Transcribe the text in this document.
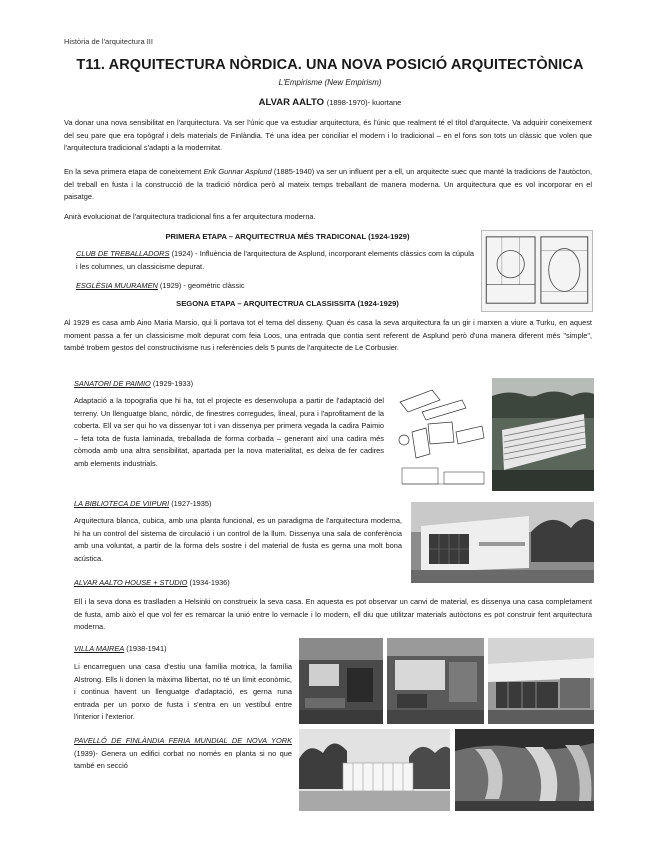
Història de l'arquitectura III
T11. ARQUITECTURA NÒRDICA. UNA NOVA POSICIÓ ARQUITECTÒNICA
L'Empirisme (New Empirism)
ALVAR AALTO (1898-1970)- kuortane
Va donar una nova sensibilitat en l'arquitectura. Va ser l'únic que va estudiar arquitectura, és l'únic que realment té el títol d'arquitecte. Va adquirir coneixement del seu pare que era topògraf i dels materials de Finlàndia. Té una idea per conciliar el modern i lo tradicional – en el fons son tots un clàssic que volen que l'arquitectura tradicional s'adapti a la modernitat.
En la seva primera etapa de coneixement Erik Gunnar Asplund (1885-1940) va ser un influent per a ell, un arquitecte suec que manté la tradicions de l'autòcton, del treball en fusta i la construcció de la tradició nòrdica però al mateix temps treballant de manera moderna. Un arquitectura que es vol incorporar en el paisatge.
Anirà evolucionat de l'arquitectura tradicional fins a fer arquitectura moderna.
PRIMERA ETAPA – ARQUITECTRUA MÉS TRADICONAL (1924-1929)
CLUB DE TREBALLADORS (1924) - Influència de l'arquitectura de Asplund, incorporant elements clàssics com la cúpula i les columnes, un classicisme depurat.
ESGLÈSIA MUURAMEN (1929) - geomètric clàssic
SEGONA ETAPA – ARQUITECTRUA CLASSISSITA (1924-1929)
Al 1929 es casa amb Aino Maria Marsio, qui li portava tot el tema del disseny. Quan és casa la seva arquitectura fa un gir i marxen a viure a Turku, en aquest moment passa a fer un classicisme molt depurat com feia Loos, una entrada que contia sent referent de Asplund però d'una manera diferent més "simple", també trobem gestos del constructivisme rus i referències dels 5 punts de l'arquitecte de Le Corbusier.
SANATORI DE PAIMIO (1929-1933)
Adaptació a la topografia que hi ha, tot el projecte es desenvolupa a partir de l'adaptació del terreny. Un llenguatge blanc, nòrdic, de finestres corregudes, lineal, pura i l'aprofitament de la coberta. Ell va ser qui ho va dissenyar tot i van dissenya per primera vegada la cadira Paimio – feta tota de fusta laminada, treballada de forma corbada – generant així una cadira més còmoda amb una altra sensibilitat, apartada per la nova materialitat, es deixa de fer cadires amb elements industrials.
LA BIBLIOTECA DE VIIPURI (1927-1935)
Arquitectura blanca, cubica, amb una planta funcional, es un paradigma de l'arquitectura moderna, hi ha un control del sistema de circulació i un control de la llum. Dissenya una sala de conferència amb una voluntat, a partir de la forma dels sostre i del material de fusta es gerna una molt bona acústica.
ALVAR AALTO HOUSE + STUDIO (1934-1936)
Ell i la seva dona es traslladen a Helsinki on construeix la seva casa. En aquesta es pot observar un canvi de material, es dissenya una casa completament de fusta, amb això el que vol fer es remarcar la unió entre lo vernacle i lo modern, ell diu que utilitzar materials autòctons es pot construir fent arquitectura moderna.
VILLA MAIREA (1938-1941)
Li encarreguen una casa d'estiu una família motrica, la família Alstrong. Ells li donen la màxima llibertat, no té un límit econòmic, i continua havent un llenguatge d'adaptació, es gerna runa entrada per un porxo de fusta i s'entra en un vestíbul entre l'interior i l'exterior.
PAVELLÓ DE FINLÀNDIA FERIA MUNDIAL DE NOVA YORK (1939)- Genera un edifici corbat no només en planta si no que també en secció
